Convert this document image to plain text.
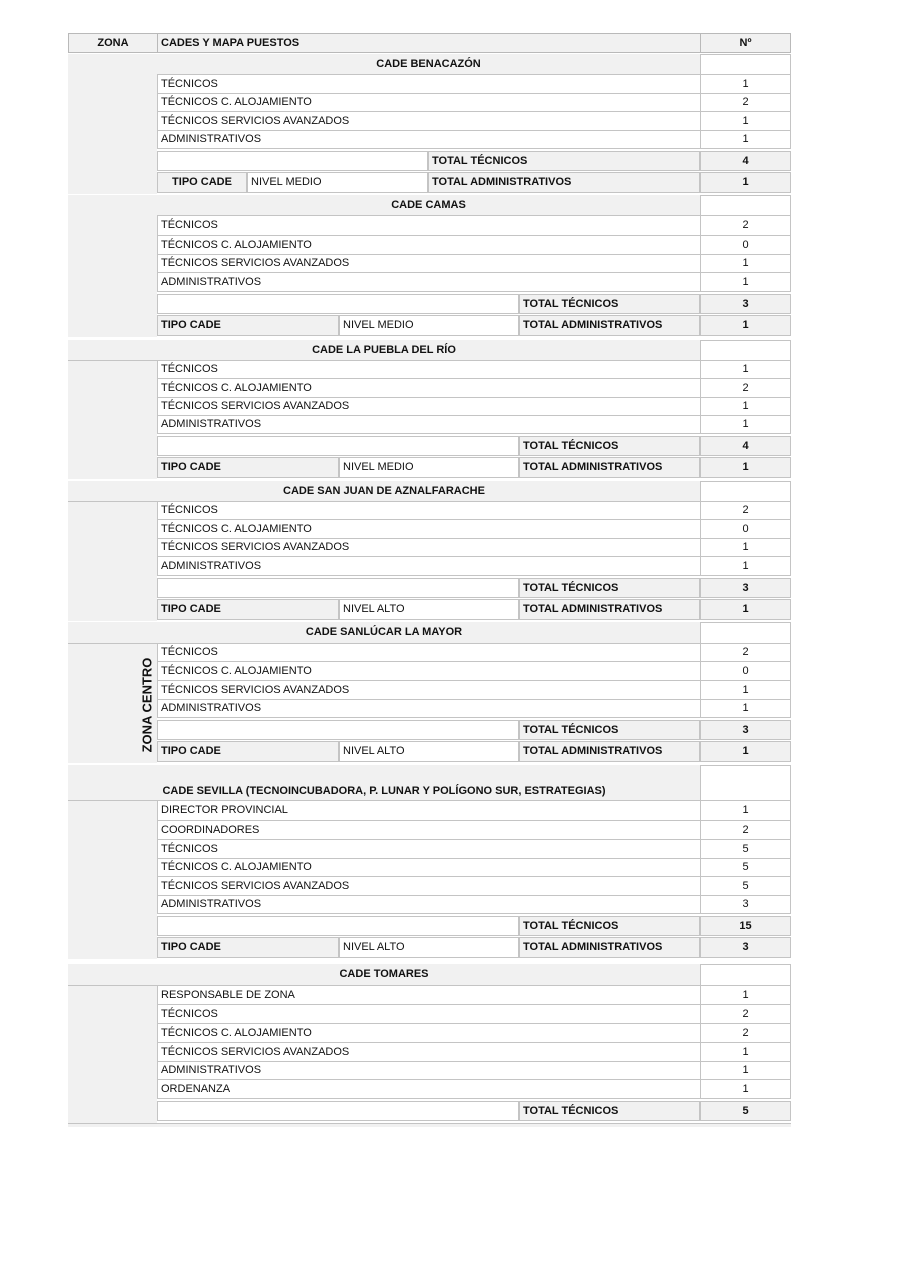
ZONA	CADES Y MAPA PUESTOS	Nº
ZONA CENTRO
CADE BENACAZÓN
TÉCNICOS	1
TÉCNICOS C. ALOJAMIENTO	2
TÉCNICOS SERVICIOS AVANZADOS	1
ADMINISTRATIVOS	1
TOTAL TÉCNICOS	4
TIPO CADE	NIVEL MEDIO	TOTAL ADMINISTRATIVOS	1
CADE CAMAS
TÉCNICOS	2
TÉCNICOS C. ALOJAMIENTO	0
TÉCNICOS SERVICIOS AVANZADOS	1
ADMINISTRATIVOS	1
TOTAL TÉCNICOS	3
TIPO CADE	NIVEL MEDIO	TOTAL ADMINISTRATIVOS	1
CADE LA PUEBLA DEL RÍO
TÉCNICOS	1
TÉCNICOS C. ALOJAMIENTO	2
TÉCNICOS SERVICIOS AVANZADOS	1
ADMINISTRATIVOS	1
TOTAL TÉCNICOS	4
TIPO CADE	NIVEL MEDIO	TOTAL ADMINISTRATIVOS	1
CADE SAN JUAN DE AZNALFARACHE
TÉCNICOS	2
TÉCNICOS C. ALOJAMIENTO	0
TÉCNICOS SERVICIOS AVANZADOS	1
ADMINISTRATIVOS	1
TOTAL TÉCNICOS	3
TIPO CADE	NIVEL ALTO	TOTAL ADMINISTRATIVOS	1
CADE SANLÚCAR LA MAYOR
TÉCNICOS	2
TÉCNICOS C. ALOJAMIENTO	0
TÉCNICOS SERVICIOS AVANZADOS	1
ADMINISTRATIVOS	1
TOTAL TÉCNICOS	3
TIPO CADE	NIVEL ALTO	TOTAL ADMINISTRATIVOS	1
CADE SEVILLA (TECNOINCUBADORA, P. LUNAR Y POLÍGONO SUR, ESTRATEGIAS)
DIRECTOR PROVINCIAL	1
COORDINADORES	2
TÉCNICOS	5
TÉCNICOS C. ALOJAMIENTO	5
TÉCNICOS SERVICIOS AVANZADOS	5
ADMINISTRATIVOS	3
TOTAL TÉCNICOS	15
TIPO CADE	NIVEL ALTO	TOTAL ADMINISTRATIVOS	3
CADE TOMARES
RESPONSABLE DE ZONA	1
TÉCNICOS	2
TÉCNICOS C. ALOJAMIENTO	2
TÉCNICOS SERVICIOS AVANZADOS	1
ADMINISTRATIVOS	1
ORDENANZA	1
TOTAL TÉCNICOS	5
